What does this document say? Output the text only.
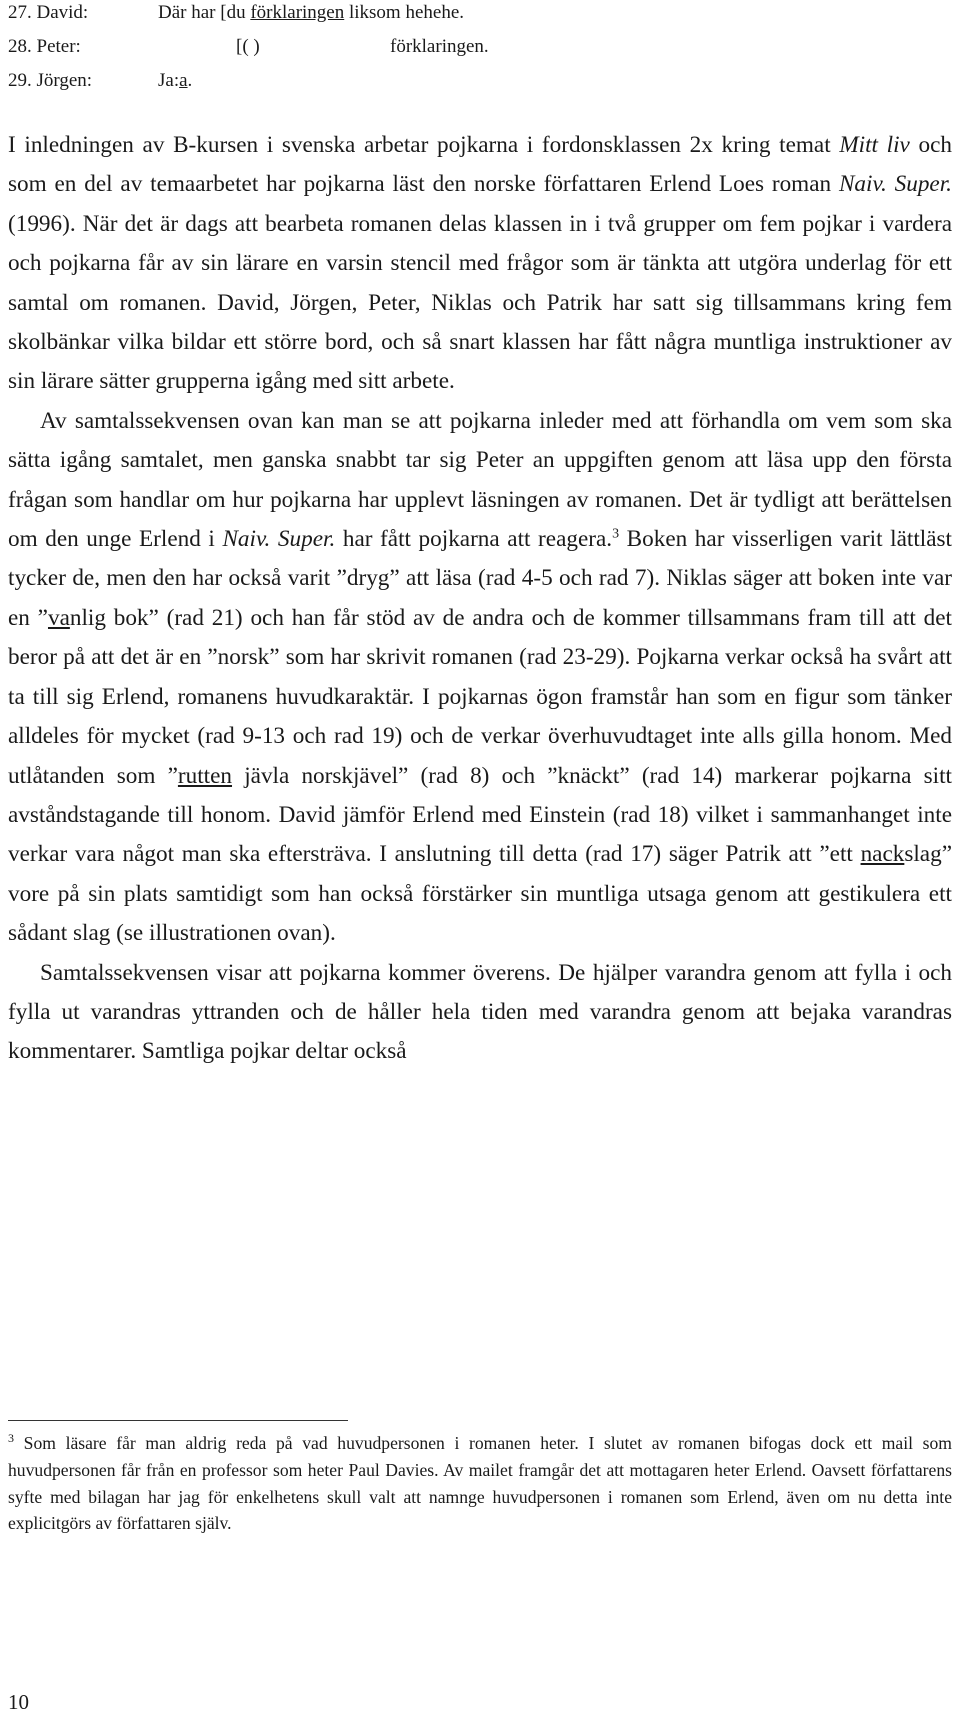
27. David:	Där har [du förklaringen liksom hehehe.
28. Peter:	[( )	förklaringen.
29. Jörgen:	Ja:a.

I inledningen av B-kursen i svenska arbetar pojkarna i fordonsklassen 2x kring temat Mitt liv och som en del av temaarbetet har pojkarna läst den norske författaren Erlend Loes roman Naiv. Super. (1996). När det är dags att bearbeta romanen delas klassen in i två grupper om fem pojkar i vardera och pojkarna får av sin lärare en varsin stencil med frågor som är tänkta att utgöra underlag för ett samtal om romanen. David, Jörgen, Peter, Niklas och Patrik har satt sig tillsammans kring fem skolbänkar vilka bildar ett större bord, och så snart klassen har fått några muntliga instruktioner av sin lärare sätter grupperna igång med sitt arbete.

Av samtalssekvensen ovan kan man se att pojkarna inleder med att förhandla om vem som ska sätta igång samtalet, men ganska snabbt tar sig Peter an uppgiften genom att läsa upp den första frågan som handlar om hur pojkarna har upplevt läsningen av romanen. Det är tydligt att berättelsen om den unge Erlend i Naiv. Super. har fått pojkarna att reagera.$^3$ Boken har visserligen varit lättläst tycker de, men den har också varit ”dryg” att läsa (rad 4-5 och rad 7). Niklas säger att boken inte var en ”vanlig bok” (rad 21) och han får stöd av de andra och de kommer tillsammans fram till att det beror på att det är en ”norsk” som har skrivit romanen (rad 23-29). Pojkarna verkar också ha svårt att ta till sig Erlend, romanens huvudkaraktär. I pojkarnas ögon framstår han som en figur som tänker alldeles för mycket (rad 9-13 och rad 19) och de verkar överhuvudtaget inte alls gilla honom. Med utlåtanden som ”rutten jävla norskjävel” (rad 8) och ”knäckt” (rad 14) markerar pojkarna sitt avståndstagande till honom. David jämför Erlend med Einstein (rad 18) vilket i sammanhanget inte verkar vara något man ska eftersträva. I anslutning till detta (rad 17) säger Patrik att ”ett nackslag” vore på sin plats samtidigt som han också förstärker sin muntliga utsaga genom att gestikulera ett sådant slag (se illustrationen ovan).

Samtalssekvensen visar att pojkarna kommer överens. De hjälper varandra genom att fylla i och fylla ut varandras yttranden och de håller hela tiden med varandra genom att bejaka varandras kommentarer. Samtliga pojkar deltar också

$^3$ Som läsare får man aldrig reda på vad huvudpersonen i romanen heter. I slutet av romanen bifogas dock ett mail som huvudpersonen får från en professor som heter Paul Davies. Av mailet framgår det att mottagaren heter Erlend. Oavsett författarens syfte med bilagan har jag för enkelhetens skull valt att namnge huvudpersonen i romanen som Erlend, även om nu detta inte explicitgörs av författaren själv.
10
